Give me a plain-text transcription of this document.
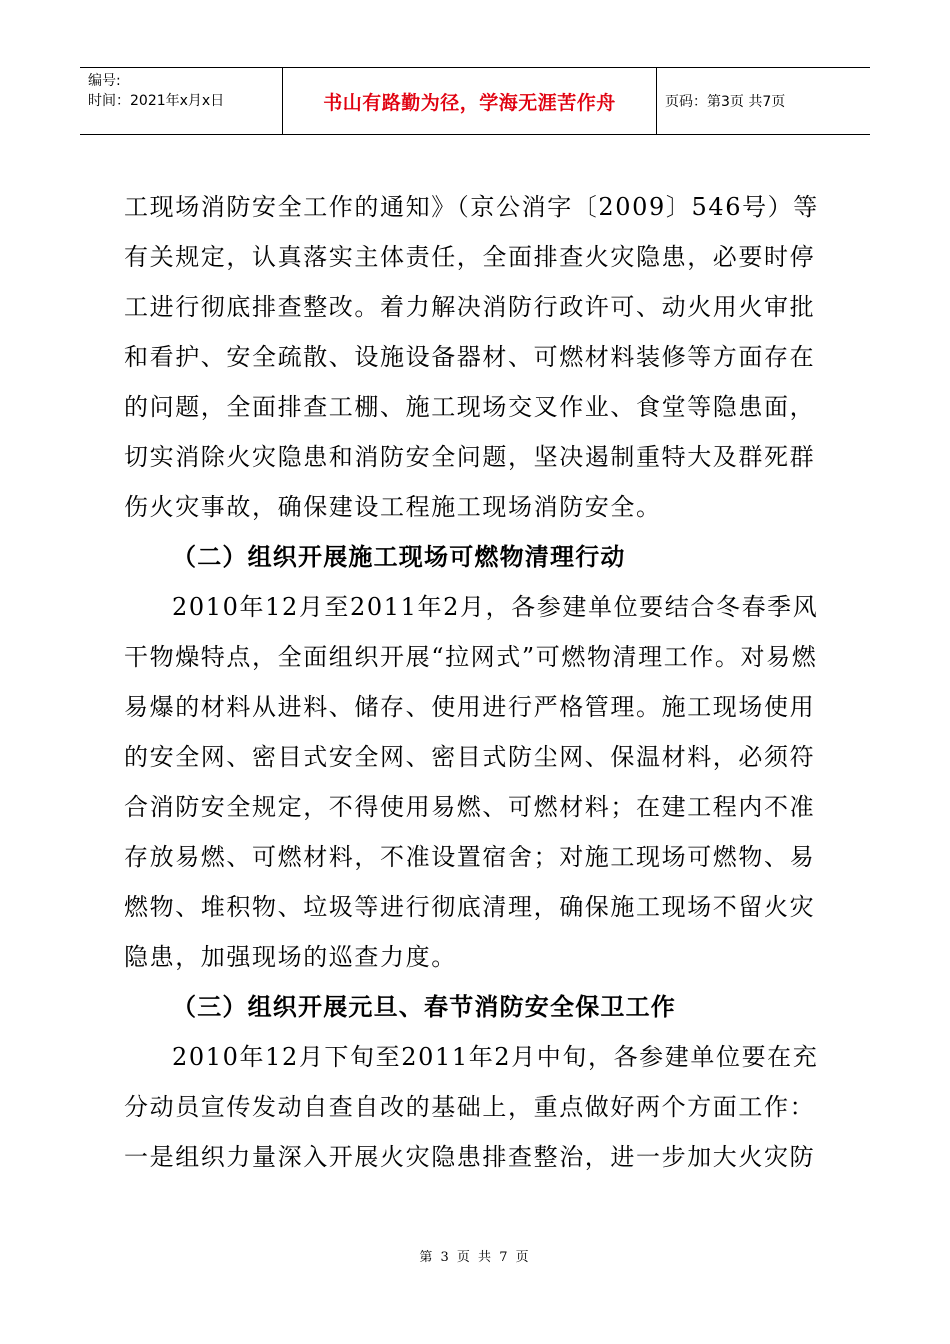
编号:
时间：2021年x月x日	书山有路勤为径，学海无涯苦作舟	页码：第3页 共7页

工现场消防安全工作的通知》（京公消字〔2009〕546号）等有关规定，认真落实主体责任，全面排查火灾隐患，必要时停工进行彻底排查整改。着力解决消防行政许可、动火用火审批和看护、安全疏散、设施设备器材、可燃材料装修等方面存在的问题，全面排查工棚、施工现场交叉作业、食堂等隐患面，切实消除火灾隐患和消防安全问题，坚决遏制重特大及群死群伤火灾事故，确保建设工程施工现场消防安全。

（二）组织开展施工现场可燃物清理行动

2010年12月至2011年2月，各参建单位要结合冬春季风干物燥特点，全面组织开展“拉网式”可燃物清理工作。对易燃易爆的材料从进料、储存、使用进行严格管理。施工现场使用的安全网、密目式安全网、密目式防尘网、保温材料，必须符合消防安全规定，不得使用易燃、可燃材料；在建工程内不准存放易燃、可燃材料，不准设置宿舍；对施工现场可燃物、易燃物、堆积物、垃圾等进行彻底清理，确保施工现场不留火灾隐患，加强现场的巡查力度。

（三）组织开展元旦、春节消防安全保卫工作

2010年12月下旬至2011年2月中旬，各参建单位要在充分动员宣传发动自查自改的基础上，重点做好两个方面工作：一是组织力量深入开展火灾隐患排查整治，进一步加大火灾防

第 3 页 共 7 页
